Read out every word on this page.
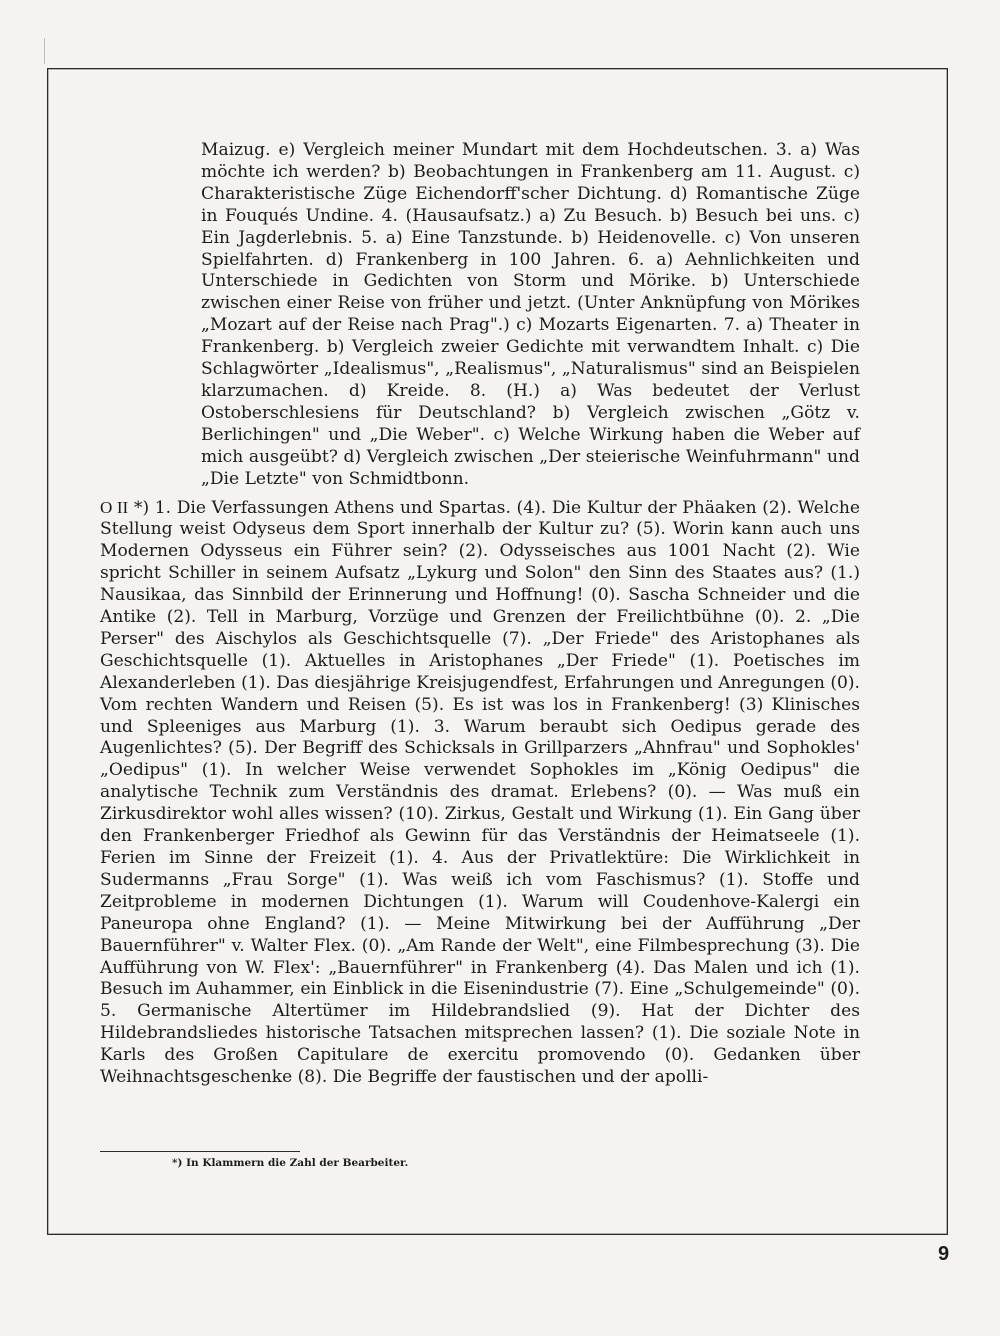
Maizug. e) Vergleich meiner Mundart mit dem Hochdeutschen. 3. a) Was möchte ich werden? b) Beobachtungen in Frankenberg am 11. August. c) Charakteristische Züge Eichendorff'scher Dichtung. d) Romantische Züge in Fouqués Undine. 4. (Hausaufsatz.) a) Zu Besuch. b) Besuch bei uns. c) Ein Jagderlebnis. 5. a) Eine Tanzstunde. b) Heidenovelle. c) Von unseren Spielfahrten. d) Frankenberg in 100 Jahren. 6. a) Aehnlichkeiten und Unterschiede in Gedichten von Storm und Mörike. b) Unterschiede zwischen einer Reise von früher und jetzt. (Unter Anknüpfung von Mörikes „Mozart auf der Reise nach Prag".) c) Mozarts Eigenarten. 7. a) Theater in Frankenberg. b) Vergleich zweier Gedichte mit verwandtem Inhalt. c) Die Schlagwörter „Idealismus", „Realismus", „Naturalismus" sind an Beispielen klarzumachen. d) Kreide. 8. (H.) a) Was bedeutet der Verlust Ostoberschlesiens für Deutschland? b) Vergleich zwischen „Götz v. Berlichingen" und „Die Weber". c) Welche Wirkung haben die Weber auf mich ausgeübt? d) Vergleich zwischen „Der steierische Weinfuhrmann" und „Die Letzte" von Schmidtbonn.

O II *) 1. Die Verfassungen Athens und Spartas. (4). Die Kultur der Phäaken (2). Welche Stellung weist Odyseus dem Sport innerhalb der Kultur zu? (5). Worin kann auch uns Modernen Odysseus ein Führer sein? (2). Odysseisches aus 1001 Nacht (2). Wie spricht Schiller in seinem Aufsatz „Lykurg und Solon" den Sinn des Staates aus? (1.) Nausikaa, das Sinnbild der Erinnerung und Hoffnung! (0). Sascha Schneider und die Antike (2). Tell in Marburg, Vorzüge und Grenzen der Freilichtbühne (0). 2. „Die Perser" des Aischylos als Geschichtsquelle (7). „Der Friede" des Aristophanes als Geschichtsquelle (1). Aktuelles in Aristophanes „Der Friede" (1). Poetisches im Alexanderleben (1). Das diesjährige Kreisjugendfest, Erfahrungen und Anregungen (0). Vom rechten Wandern und Reisen (5). Es ist was los in Frankenberg! (3) Klinisches und Spleeniges aus Marburg (1). 3. Warum beraubt sich Oedipus gerade des Augenlichtes? (5). Der Begriff des Schicksals in Grillparzers „Ahnfrau" und Sophokles' „Oedipus" (1). In welcher Weise verwendet Sophokles im „König Oedipus" die analytische Technik zum Verständnis des dramat. Erlebens? (0). — Was muß ein Zirkusdirektor wohl alles wissen? (10). Zirkus, Gestalt und Wirkung (1). Ein Gang über den Frankenberger Friedhof als Gewinn für das Verständnis der Heimatseele (1). Ferien im Sinne der Freizeit (1). 4. Aus der Privatlektüre: Die Wirklichkeit in Sudermanns „Frau Sorge" (1). Was weiß ich vom Faschismus? (1). Stoffe und Zeitprobleme in modernen Dichtungen (1). Warum will Coudenhove-Kalergi ein Paneuropa ohne England? (1). — Meine Mitwirkung bei der Aufführung „Der Bauernführer" v. Walter Flex. (0). „Am Rande der Welt", eine Filmbesprechung (3). Die Aufführung von W. Flex': „Bauernführer" in Frankenberg (4). Das Malen und ich (1). Besuch im Auhammer, ein Einblick in die Eisenindustrie (7). Eine „Schulgemeinde" (0). 5. Germanische Altertümer im Hildebrandslied (9). Hat der Dichter des Hildebrandsliedes historische Tatsachen mitsprechen lassen? (1). Die soziale Note in Karls des Großen Capitulare de exercitu promovendo (0). Gedanken über Weihnachtsgeschenke (8). Die Begriffe der faustischen und der apolli-

*) In Klammern die Zahl der Bearbeiter.
9
